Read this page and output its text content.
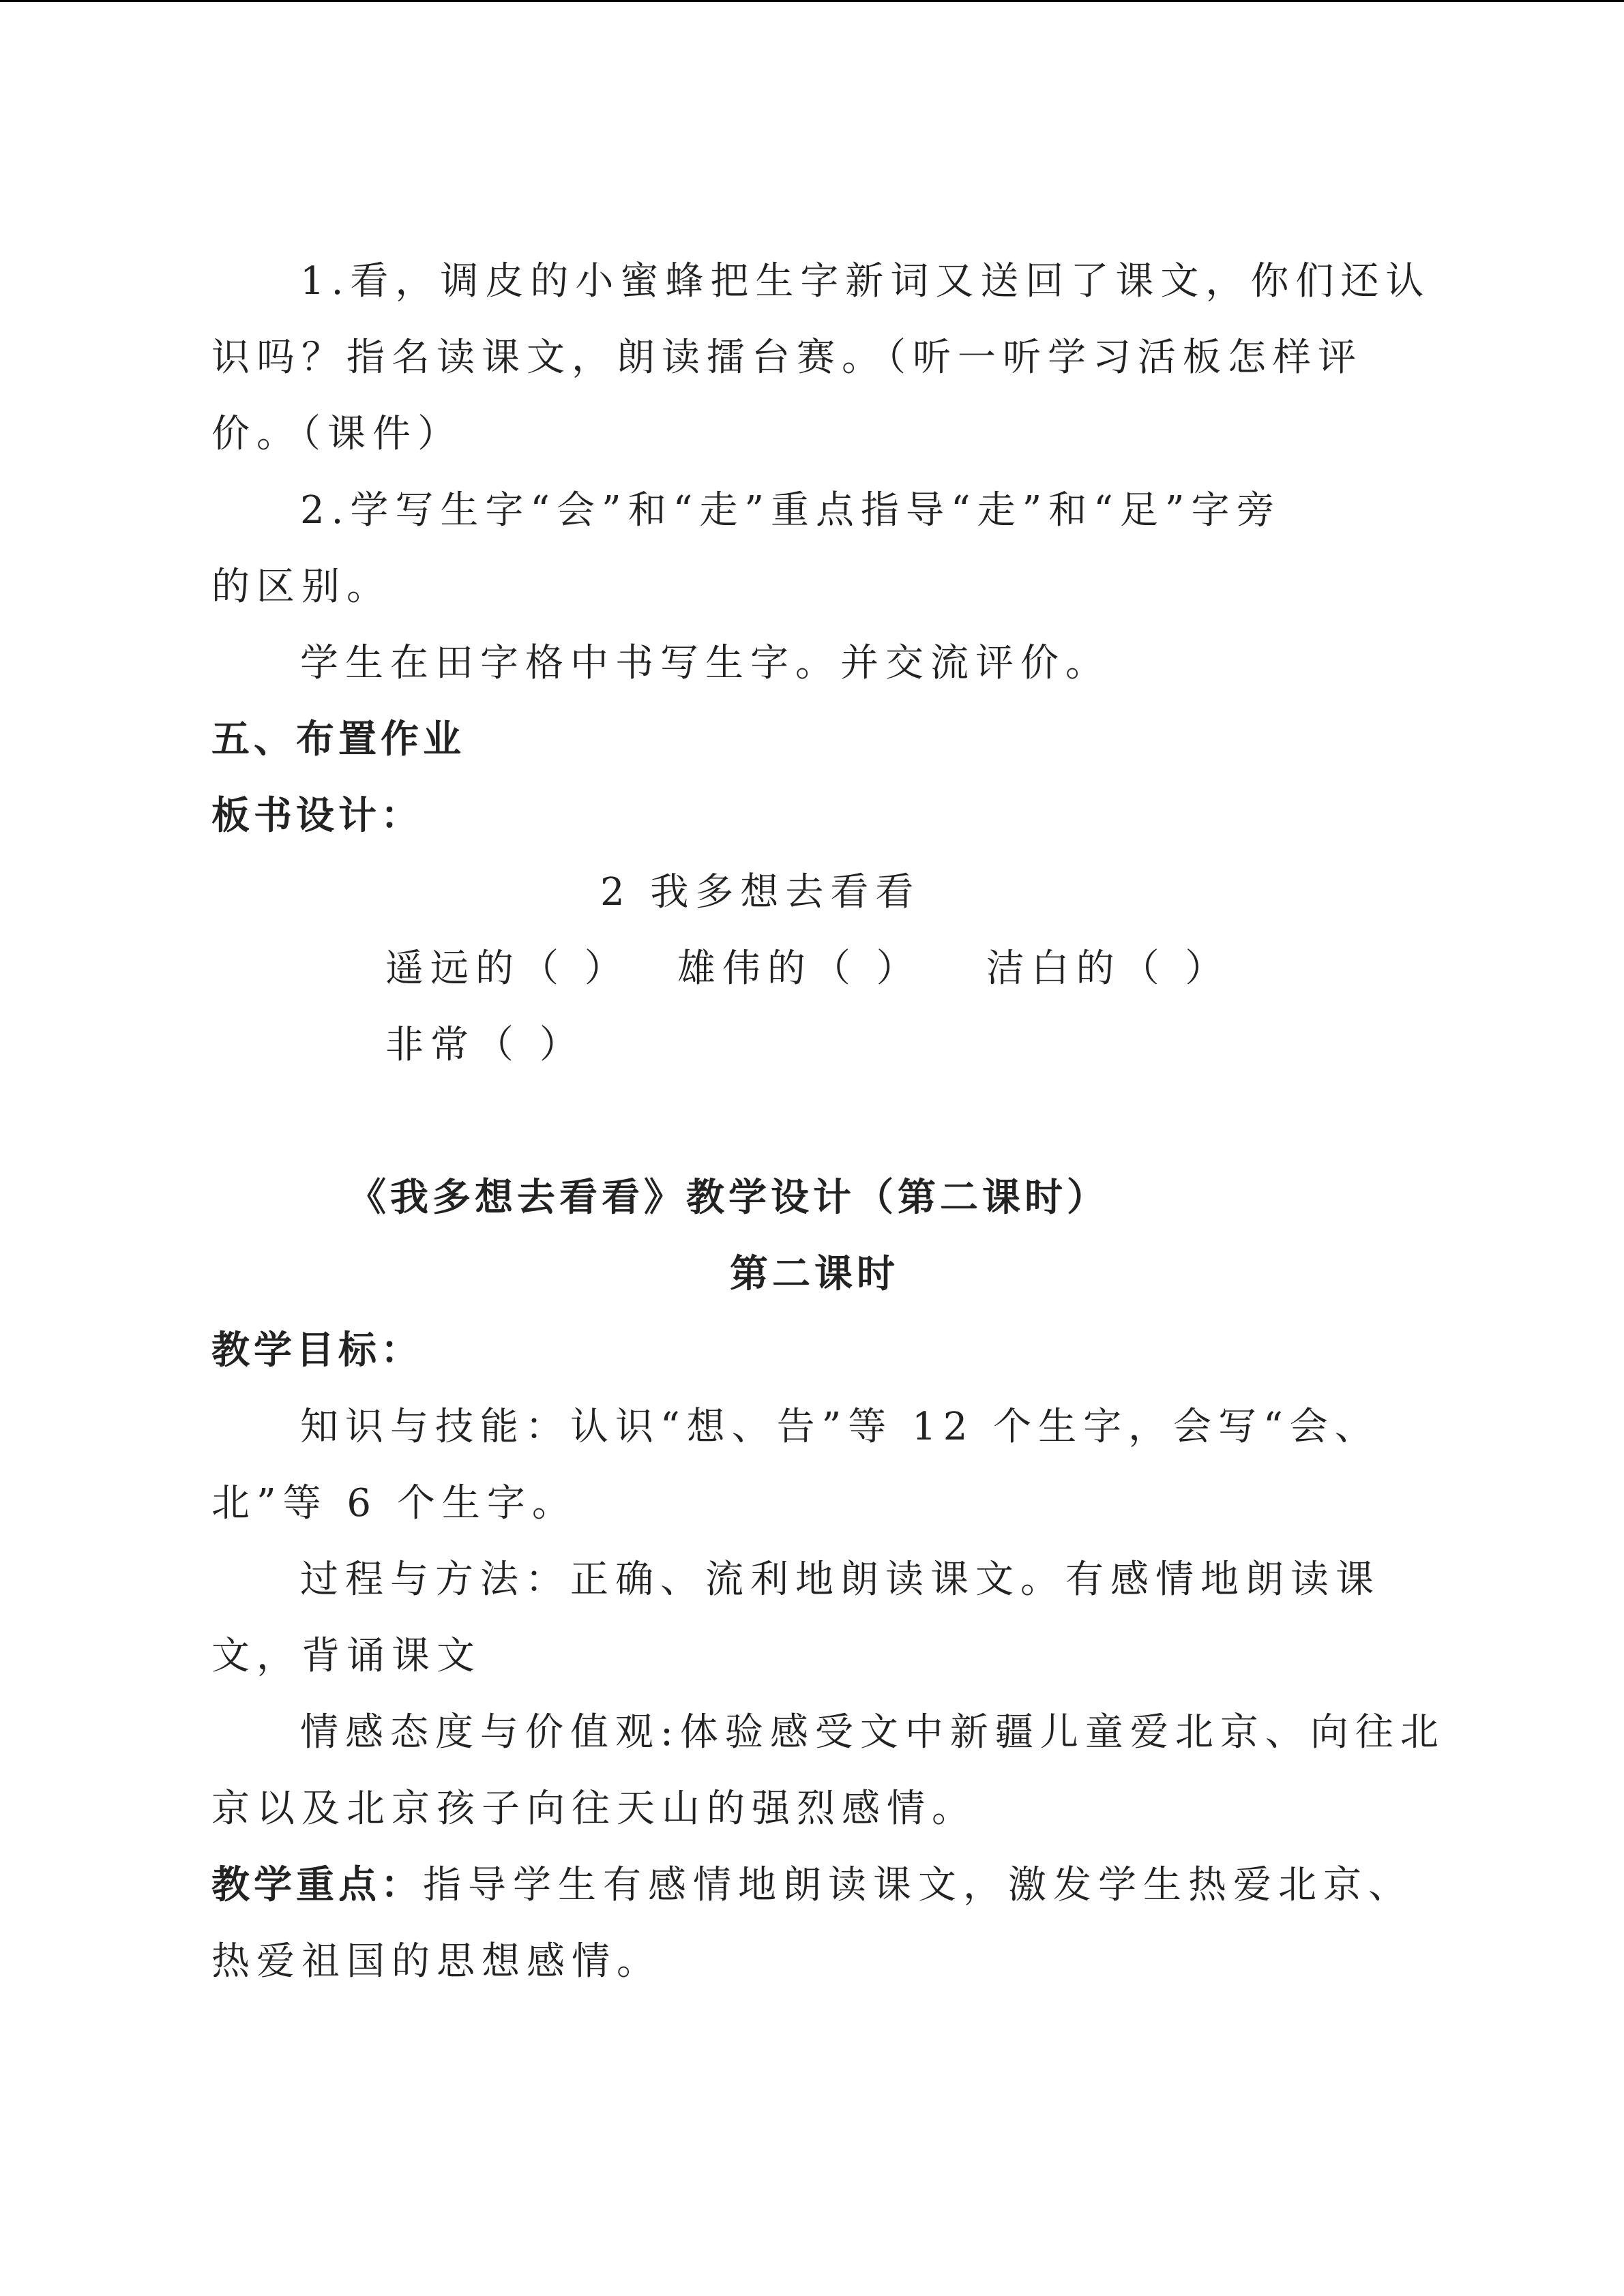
1.看，调皮的小蜜蜂把生字新词又送回了课文，你们还认
识吗？指名读课文，朗读擂台赛。（听一听学习活板怎样评
价。（课件）
2.学写生字“会”和“走”重点指导“走”和“足”字旁
的区别。
学生在田字格中书写生字。并交流评价。
五、布置作业
板书设计：
2 我多想去看看
遥远的（ ） 雄伟的（ ） 洁白的（ ）
非常（ ）
《我多想去看看》教学设计（第二课时）
第二课时
教学目标：
知识与技能：认识“想、告”等 12 个生字，会写“会、
北”等 6 个生字。
过程与方法：正确、流利地朗读课文。有感情地朗读课
文，背诵课文
情感态度与价值观:体验感受文中新疆儿童爱北京、向往北
京以及北京孩子向往天山的强烈感情。
教学重点：指导学生有感情地朗读课文，激发学生热爱北京、
热爱祖国的思想感情。
